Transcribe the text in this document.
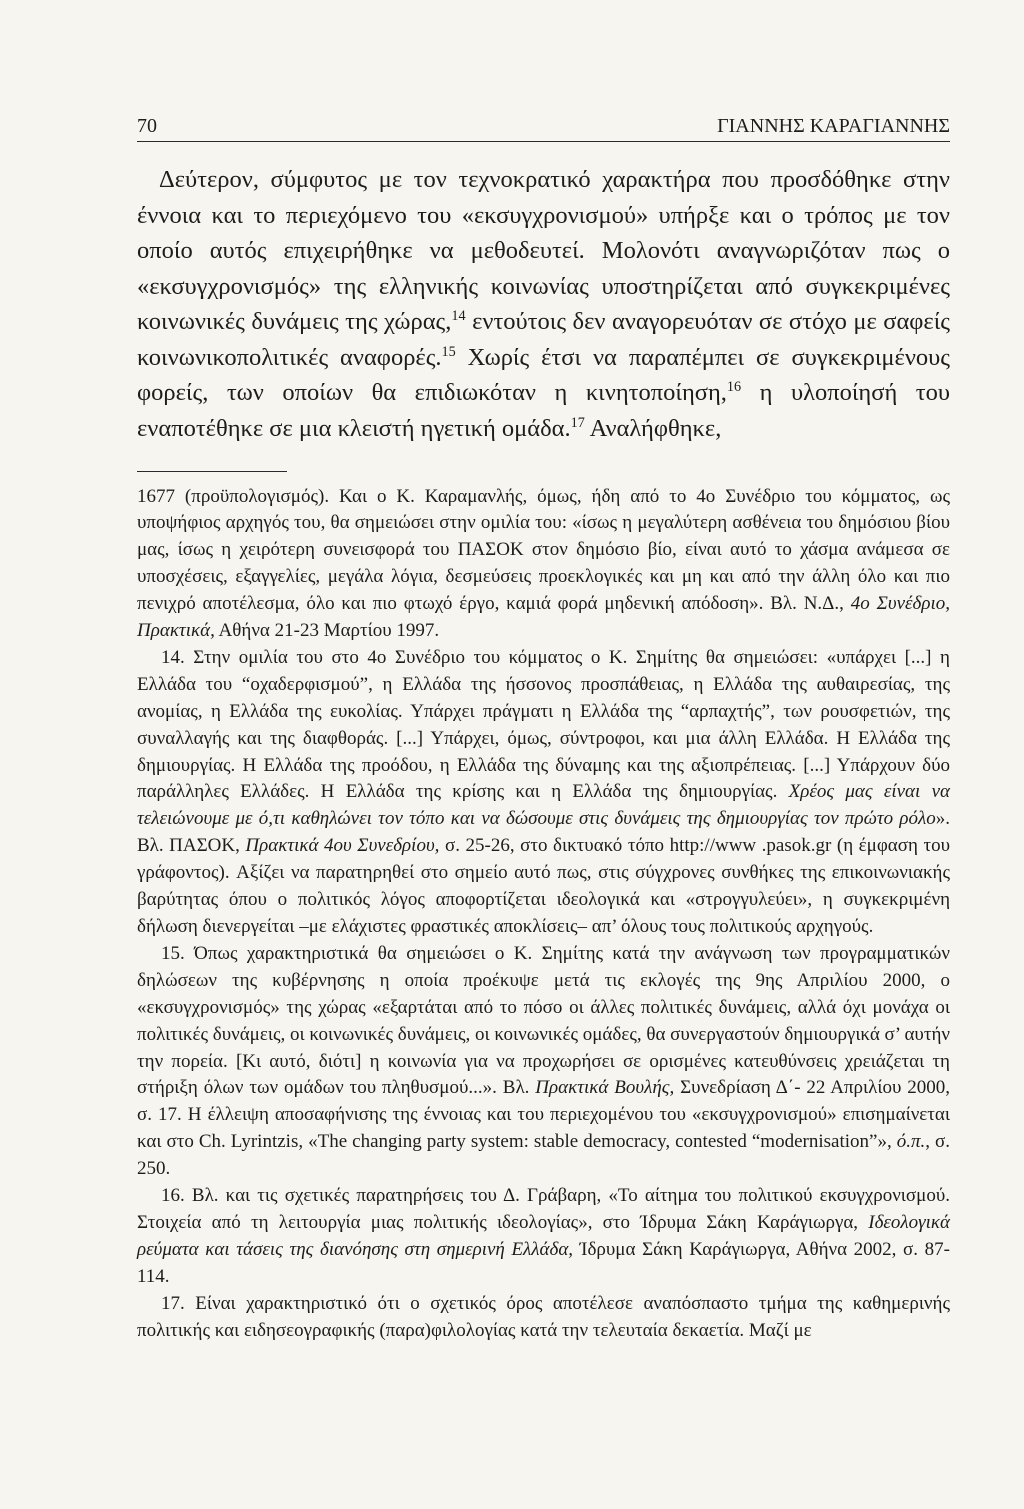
70	ΓΙΑΝΝΗΣ ΚΑΡΑΓΙΑΝΝΗΣ

Δεύτερον, σύμφυτος με τον τεχνοκρατικό χαρακτήρα που προσδόθηκε στην έννοια και το περιεχόμενο του «εκσυγχρονισμού» υπήρξε και ο τρόπος με τον οποίο αυτός επιχειρήθηκε να μεθοδευτεί. Μολονότι αναγνωριζόταν πως ο «εκσυγχρονισμός» της ελληνικής κοινωνίας υποστηρίζεται από συγκεκριμένες κοινωνικές δυνάμεις της χώρας,$^{14}$ εντούτοις δεν αναγορευόταν σε στόχο με σαφείς κοινωνικοπολιτικές αναφορές.$^{15}$ Χωρίς έτσι να παραπέμπει σε συγκεκριμένους φορείς, των οποίων θα επιδιωκόταν η κινητοποίηση,$^{16}$ η υλοποίησή του εναποτέθηκε σε μια κλειστή ηγετική ομάδα.$^{17}$ Αναλήφθηκε,

1677 (προϋπολογισμός). Και ο Κ. Καραμανλής, όμως, ήδη από το 4ο Συνέδριο του κόμματος, ως υποψήφιος αρχηγός του, θα σημειώσει στην ομιλία του: «ίσως η μεγαλύτερη ασθένεια του δημόσιου βίου μας, ίσως η χειρότερη συνεισφορά του ΠΑΣΟΚ στον δημόσιο βίο, είναι αυτό το χάσμα ανάμεσα σε υποσχέσεις, εξαγγελίες, μεγάλα λόγια, δεσμεύσεις προεκλογικές και μη και από την άλλη όλο και πιο πενιχρό αποτέλεσμα, όλο και πιο φτωχό έργο, καμιά φορά μηδενική απόδοση». Βλ. Ν.Δ., 4ο Συνέδριο, Πρακτικά, Αθήνα 21-23 Μαρτίου 1997.

14. Στην ομιλία του στο 4ο Συνέδριο του κόμματος ο Κ. Σημίτης θα σημειώσει: «υπάρχει [...] η Ελλάδα του “οχαδερφισμού”, η Ελλάδα της ήσσονος προσπάθειας, η Ελλάδα της αυθαιρεσίας, της ανομίας, η Ελλάδα της ευκολίας. Υπάρχει πράγματι η Ελλάδα της “αρπαχτής”, των ρουσφετιών, της συναλλαγής και της διαφθοράς. [...] Υπάρχει, όμως, σύντροφοι, και μια άλλη Ελλάδα. Η Ελλάδα της δημιουργίας. Η Ελλάδα της προόδου, η Ελλάδα της δύναμης και της αξιοπρέπειας. [...] Υπάρχουν δύο παράλληλες Ελλάδες. Η Ελλάδα της κρίσης και η Ελλάδα της δημιουργίας. Χρέος μας είναι να τελειώνουμε με ό,τι καθηλώνει τον τόπο και να δώσουμε στις δυνάμεις της δημιουργίας τον πρώτο ρόλο». Βλ. ΠΑΣΟΚ, Πρακτικά 4ου Συνεδρίου, σ. 25-26, στο δικτυακό τόπο http://www .pasok.gr (η έμφαση του γράφοντος). Αξίζει να παρατηρηθεί στο σημείο αυτό πως, στις σύγχρονες συνθήκες της επικοινωνιακής βαρύτητας όπου ο πολιτικός λόγος αποφορτίζεται ιδεολογικά και «στρογγυλεύει», η συγκεκριμένη δήλωση διενεργείται –με ελάχιστες φραστικές αποκλίσεις– απ’ όλους τους πολιτικούς αρχηγούς.

15. Όπως χαρακτηριστικά θα σημειώσει ο Κ. Σημίτης κατά την ανάγνωση των προγραμματικών δηλώσεων της κυβέρνησης η οποία προέκυψε μετά τις εκλογές της 9ης Απριλίου 2000, ο «εκσυγχρονισμός» της χώρας «εξαρτάται από το πόσο οι άλλες πολιτικές δυνάμεις, αλλά όχι μονάχα οι πολιτικές δυνάμεις, οι κοινωνικές δυνάμεις, οι κοινωνικές ομάδες, θα συνεργαστούν δημιουργικά σ’ αυτήν την πορεία. [Κι αυτό, διότι] η κοινωνία για να προχωρήσει σε ορισμένες κατευθύνσεις χρειάζεται τη στήριξη όλων των ομάδων του πληθυσμού...». Βλ. Πρακτικά Βουλής, Συνεδρίαση Δ΄- 22 Απριλίου 2000, σ. 17. Η έλλειψη αποσαφήνισης της έννοιας και του περιεχομένου του «εκσυγχρονισμού» επισημαίνεται και στο Ch. Lyrintzis, «The changing party system: stable democracy, contested “modernisation”», ό.π., σ. 250.

16. Βλ. και τις σχετικές παρατηρήσεις του Δ. Γράβαρη, «Το αίτημα του πολιτικού εκσυγχρονισμού. Στοιχεία από τη λειτουργία μιας πολιτικής ιδεολογίας», στο Ίδρυμα Σάκη Καράγιωργα, Ιδεολογικά ρεύματα και τάσεις της διανόησης στη σημερινή Ελλάδα, Ίδρυμα Σάκη Καράγιωργα, Αθήνα 2002, σ. 87-114.

17. Είναι χαρακτηριστικό ότι ο σχετικός όρος αποτέλεσε αναπόσπαστο τμήμα της καθημερινής πολιτικής και ειδησεογραφικής (παρα)φιλολογίας κατά την τελευταία δεκαετία. Μαζί με
